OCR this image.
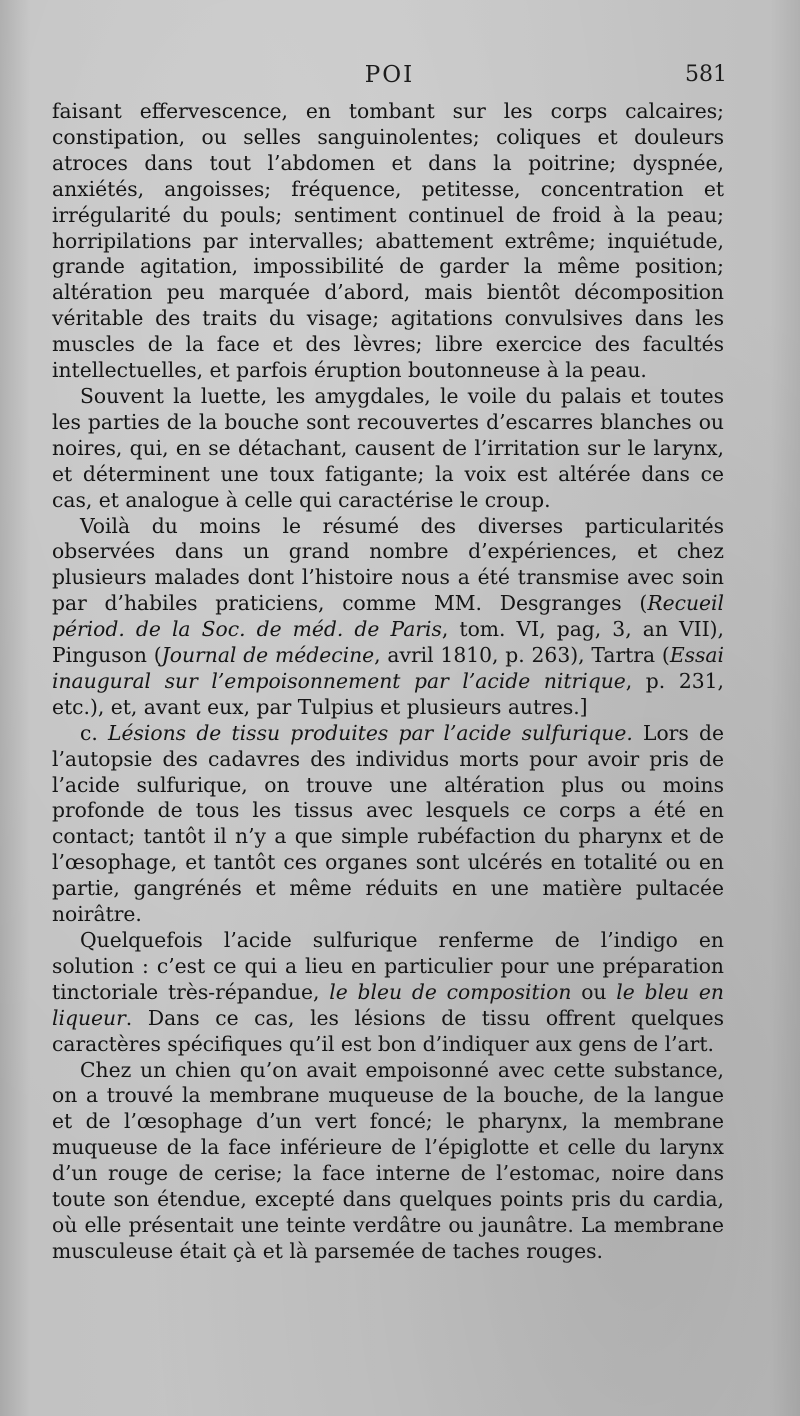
POI	581

faisant effervescence, en tombant sur les corps calcaires; constipation, ou selles sanguinolentes; coliques et douleurs atroces dans tout l’abdomen et dans la poitrine; dyspnée, anxiétés, angoisses; fréquence, petitesse, concentration et irrégularité du pouls; sentiment continuel de froid à la peau; horripilations par intervalles; abattement extrême; inquiétude, grande agitation, impossibilité de garder la même position; altération peu marquée d’abord, mais bientôt décomposition véritable des traits du visage; agitations convulsives dans les muscles de la face et des lèvres; libre exercice des facultés intellectuelles, et parfois éruption boutonneuse à la peau.

Souvent la luette, les amygdales, le voile du palais et toutes les parties de la bouche sont recouvertes d’escarres blanches ou noires, qui, en se détachant, causent de l’irritation sur le larynx, et déterminent une toux fatigante; la voix est altérée dans ce cas, et analogue à celle qui caractérise le croup.

Voilà du moins le résumé des diverses particularités observées dans un grand nombre d’expériences, et chez plusieurs malades dont l’histoire nous a été transmise avec soin par d’habiles praticiens, comme MM. Desgranges (Recueil périod. de la Soc. de méd. de Paris, tom. VI, pag, 3, an VII), Pinguson (Journal de médecine, avril 1810, p. 263), Tartra (Essai inaugural sur l’empoisonnement par l’acide nitrique, p. 231, etc.), et, avant eux, par Tulpius et plusieurs autres.]

c. Lésions de tissu produites par l’acide sulfurique. Lors de l’autopsie des cadavres des individus morts pour avoir pris de l’acide sulfurique, on trouve une altération plus ou moins profonde de tous les tissus avec lesquels ce corps a été en contact; tantôt il n’y a que simple rubéfaction du pharynx et de l’œsophage, et tantôt ces organes sont ulcérés en totalité ou en partie, gangrénés et même réduits en une matière pultacée noirâtre.

Quelquefois l’acide sulfurique renferme de l’indigo en solution : c’est ce qui a lieu en particulier pour une préparation tinctoriale très-répandue, le bleu de composition ou le bleu en liqueur. Dans ce cas, les lésions de tissu offrent quelques caractères spécifiques qu’il est bon d’indiquer aux gens de l’art.

Chez un chien qu’on avait empoisonné avec cette substance, on a trouvé la membrane muqueuse de la bouche, de la langue et de l’œsophage d’un vert foncé; le pharynx, la membrane muqueuse de la face inférieure de l’épiglotte et celle du larynx d’un rouge de cerise; la face interne de l’estomac, noire dans toute son étendue, excepté dans quelques points pris du cardia, où elle présentait une teinte verdâtre ou jaunâtre. La membrane musculeuse était çà et là parsemée de taches rouges.
